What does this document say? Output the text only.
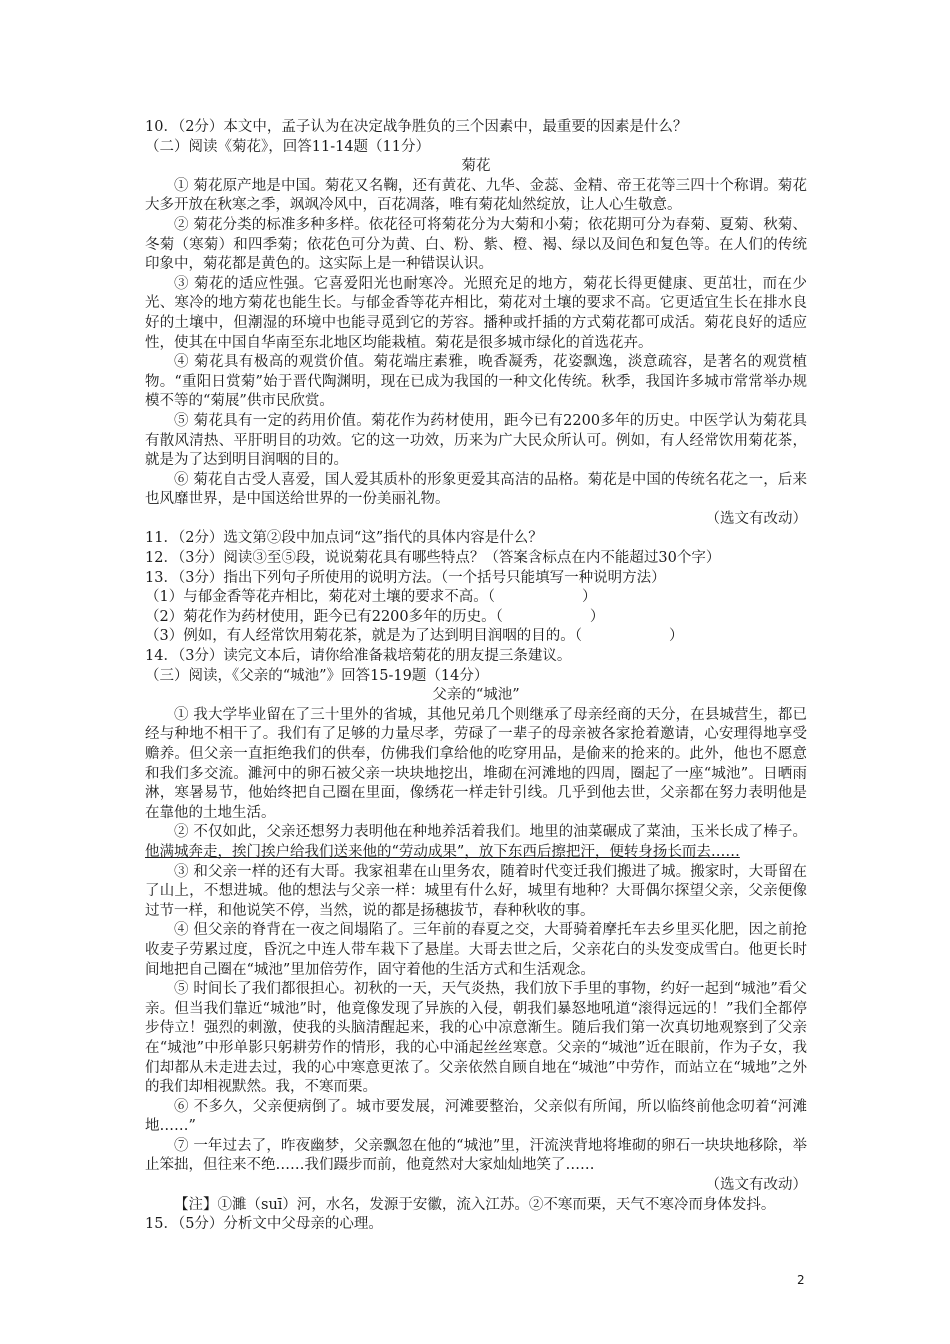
10．（2分）本文中，孟子认为在决定战争胜负的三个因素中，最重要的因素是什么？

（二）阅读《菊花》，回答11-14题（11分）

菊花

① 菊花原产地是中国。菊花又名鞠，还有黄花、九华、金蕊、金精、帝王花等三四十个称谓。菊花大多开放在秋寒之季，飒飒冷风中，百花凋落，唯有菊花灿然绽放，让人心生敬意。

② 菊花分类的标准多种多样。依花径可将菊花分为大菊和小菊；依花期可分为春菊、夏菊、秋菊、冬菊（寒菊）和四季菊；依花色可分为黄、白、粉、紫、橙、褐、绿以及间色和复色等。在人们的传统印象中，菊花都是黄色的。这实际上是一种错误认识。

③ 菊花的适应性强。它喜爱阳光也耐寒冷。光照充足的地方，菊花长得更健康、更茁壮，而在少光、寒冷的地方菊花也能生长。与郁金香等花卉相比，菊花对土壤的要求不高。它更适宜生长在排水良好的土壤中，但潮湿的环境中也能寻觅到它的芳容。播种或扦插的方式菊花都可成活。菊花良好的适应性，使其在中国自华南至东北地区均能栽植。菊花是很多城市绿化的首选花卉。

④ 菊花具有极高的观赏价值。菊花端庄素雅，晚香凝秀，花姿飘逸，淡意疏容，是著名的观赏植物。“重阳日赏菊”始于晋代陶渊明，现在已成为我国的一种文化传统。秋季，我国许多城市常常举办规模不等的“菊展”供市民欣赏。

⑤ 菊花具有一定的药用价值。菊花作为药材使用，距今已有2200多年的历史。中医学认为菊花具有散风清热、平肝明目的功效。它的这一功效，历来为广大民众所认可。例如，有人经常饮用菊花茶，就是为了达到明目润咽的目的。

⑥ 菊花自古受人喜爱，国人爱其质朴的形象更爱其高洁的品格。菊花是中国的传统名花之一，后来也风靡世界，是中国送给世界的一份美丽礼物。

（选文有改动）

11．（2分）选文第②段中加点词“这”指代的具体内容是什么？

12．（3分）阅读③至⑤段，说说菊花具有哪些特点？（答案含标点在内不能超过30个字）

13．（3分）指出下列句子所使用的说明方法。（一个括号只能填写一种说明方法）

（1）与郁金香等花卉相比，菊花对土壤的要求不高。（　　　　　　）

（2）菊花作为药材使用，距今已有2200多年的历史。（　　　　　　）

（3）例如，有人经常饮用菊花茶，就是为了达到明目润咽的目的。（　　　　　　）

14．（3分）读完文本后，请你给准备栽培菊花的朋友提三条建议。

（三）阅读，《父亲的“城池”》回答15-19题（14分）

父亲的“城池”

① 我大学毕业留在了三十里外的省城，其他兄弟几个则继承了母亲经商的天分，在县城营生，都已经与种地不相干了。我们有了足够的力量尽孝，劳碌了一辈子的母亲被各家抢着邀请，心安理得地享受赡养。但父亲一直拒绝我们的供奉，仿佛我们拿给他的吃穿用品，是偷来的抢来的。此外，他也不愿意和我们多交流。濉河中的卵石被父亲一块块地挖出，堆砌在河滩地的四周，圈起了一座“城池”。日晒雨淋，寒暑易节，他始终把自己圈在里面，像绣花一样走针引线。几乎到他去世，父亲都在努力表明他是在靠他的土地生活。

② 不仅如此，父亲还想努力表明他在种地养活着我们。地里的油菜碾成了菜油，玉米长成了棒子。他满城奔走，挨门挨户给我们送来他的“劳动成果”，放下东西后擦把汗，便转身扬长而去……

③ 和父亲一样的还有大哥。我家祖辈在山里务农，随着时代变迁我们搬进了城。搬家时，大哥留在了山上，不想进城。他的想法与父亲一样：城里有什么好，城里有地种？大哥偶尔探望父亲，父亲便像过节一样，和他说笑不停，当然，说的都是扬穗拔节，春种秋收的事。

④ 但父亲的脊背在一夜之间塌陷了。三年前的春夏之交，大哥骑着摩托车去乡里买化肥，因之前抢收麦子劳累过度，昏沉之中连人带车栽下了悬崖。大哥去世之后，父亲花白的头发变成雪白。他更长时间地把自己圈在“城池”里加倍劳作，固守着他的生活方式和生活观念。

⑤ 时间长了我们都很担心。初秋的一天，天气炎热，我们放下手里的事物，约好一起到“城池”看父亲。但当我们靠近“城池”时，他竟像发现了异族的入侵，朝我们暴怒地吼道“滚得远远的！”我们全都停步侍立！强烈的刺激，使我的头脑清醒起来，我的心中凉意渐生。随后我们第一次真切地观察到了父亲在“城池”中形单影只躬耕劳作的情形，我的心中涌起丝丝寒意。父亲的“城池”近在眼前，作为子女，我们却都从未走进去过，我的心中寒意更浓了。父亲依然自顾自地在“城池”中劳作，而站立在“城地”之外的我们却相视默然。我，不寒而栗。

⑥ 不多久，父亲便病倒了。城市要发展，河滩要整治，父亲似有所闻，所以临终前他念叨着“河滩地……”

⑦ 一年过去了，昨夜幽梦，父亲飘忽在他的“城池”里，汗流浃背地将堆砌的卵石一块块地移除，举止笨拙，但往来不绝……我们蹑步而前，他竟然对大家灿灿地笑了……

（选文有改动）

【注】①濉（suī）河，水名，发源于安徽，流入江苏。②不寒而栗，天气不寒冷而身体发抖。

15．（5分）分析文中父母亲的心理。

2
